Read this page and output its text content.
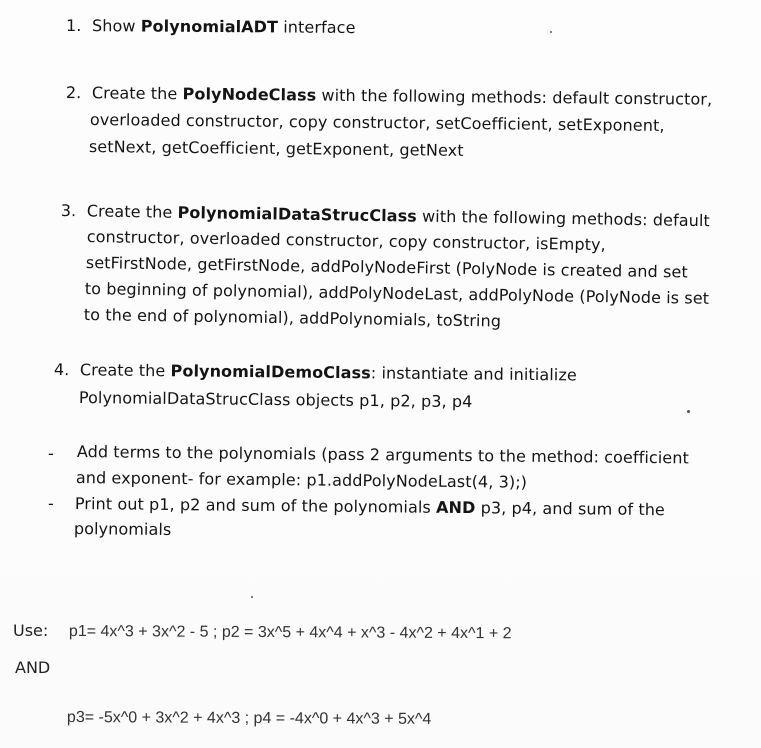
1. Show PolynomialADT interface
2. Create the PolyNodeClass with the following methods: default constructor,
overloaded constructor, copy constructor, setCoefficient, setExponent,
setNext, getCoefficient, getExponent, getNext
3. Create the PolynomialDataStrucClass with the following methods: default
constructor, overloaded constructor, copy constructor, isEmpty,
setFirstNode, getFirstNode, addPolyNodeFirst (PolyNode is created and set
to beginning of polynomial), addPolyNodeLast, addPolyNode (PolyNode is set
to the end of polynomial), addPolynomials, toString
4. Create the PolynomialDemoClass: instantiate and initialize
PolynomialDataStrucClass objects p1, p2, p3, p4
- Add terms to the polynomials (pass 2 arguments to the method: coefficient
and exponent- for example: p1.addPolyNodeLast(4, 3);)
- Print out p1, p2 and sum of the polynomials AND p3, p4, and sum of the
polynomials
Use: p1= 4x^3 + 3x^2 - 5 ; p2 = 3x^5 + 4x^4 + x^3 - 4x^2 + 4x^1 + 2
AND
p3= -5x^0 + 3x^2 + 4x^3 ; p4 = -4x^0 + 4x^3 + 5x^4
